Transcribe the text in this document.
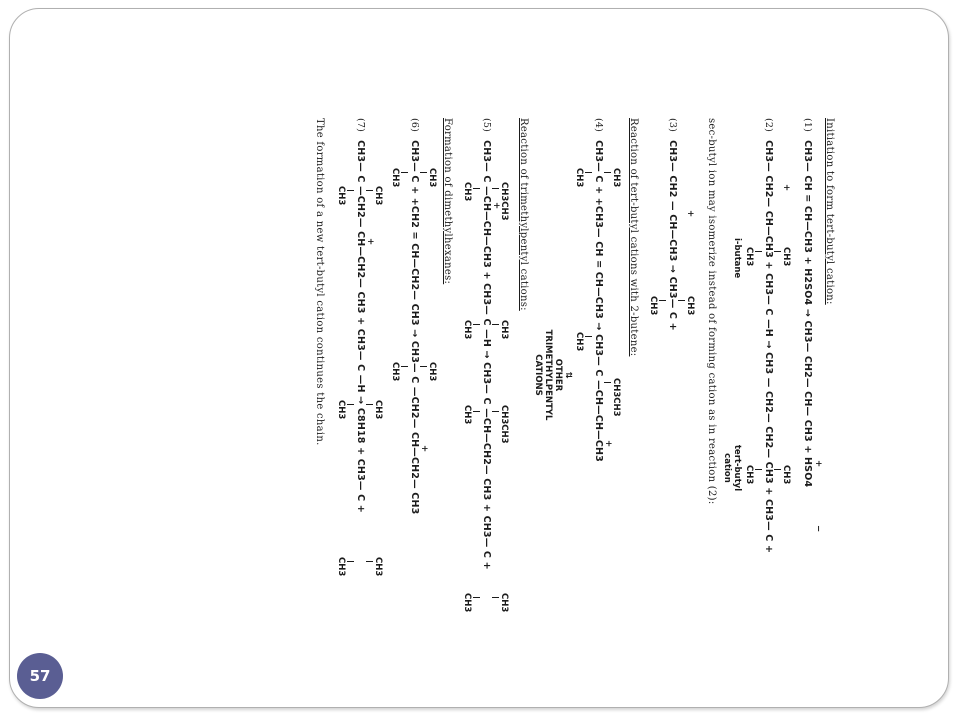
Initiation to form tert-butyl cation:
(1)CH3— CH = CH—CH3 + H2SO4 → CH3— CH2— CH— CH3 + HSO4 +
−
+
CH3
(2)CH3— CH2— CH—CH3 + CH3— C —H → CH3 — CH2— CH2— CH3 + CH3— C +
CH3
i-butane
CH3
CH3
tert-butyl cation
sec-butyl ion may isomerize instead of forming cation as in reaction (2):
+
CH3
(3)CH3— CH2 — CH—CH3 → CH3— C +
CH3
Reaction of tert-butyl cations with 2-butene:
CH3
CH3CH3
(4)CH3— C + +CH3— CH = CH—CH3 → CH3— C —CH—CH—CH3 +
CH3
CH3
⇅
OTHER
TRIMETHYLPENTYL
CATIONS
Reaction of trimethylpentyl cations:
CH3CH3
CH3
CH3CH3
CH3
(5)CH3— C —CH—CH—CH3 + CH3— C —H → CH3— C —CH—CH2— CH3 + CH3— C + +
CH3
CH3
CH3
CH3
Formation of dimethylhexanes:
CH3
CH3
+
(6)CH3— C + +CH2 = CH—CH2— CH3 → CH3— C —CH2— CH—CH2— CH3
CH3
CH3
CH3
+
CH3
CH3
(7)CH3— C —CH2— CH—CH2— CH3 + CH3— C —H → C8H18 + CH3— C +
CH3
CH3
CH3
The formation of a new tert-butyl cation continues the chain.
57
